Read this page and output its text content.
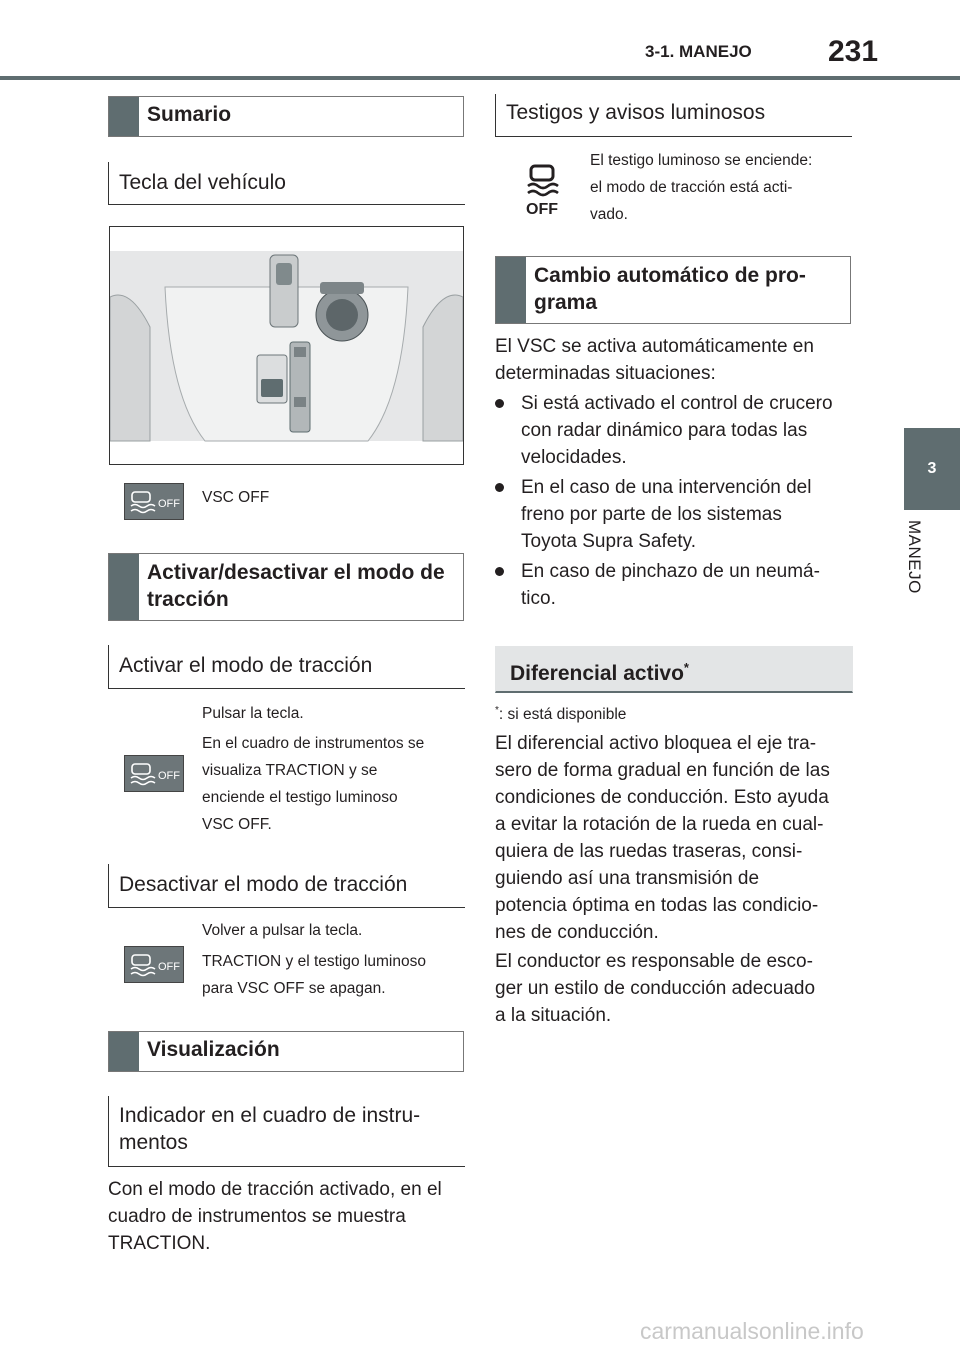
3-1. MANEJO	231
3
MANEJO
Sumario
Tecla del vehículo
OFF VSC OFF
Activar/desactivar el modo de tracción
Activar el modo de tracción
Pulsar la tecla.
OFF
En el cuadro de instrumentos se
visualiza TRACTION y se
enciende el testigo luminoso
VSC OFF.
Desactivar el modo de tracción
Volver a pulsar la tecla.
OFF TRACTION y el testigo luminoso
para VSC OFF se apagan.
Visualización
Indicador en el cuadro de instru-
mentos
Con el modo de tracción activado, en el
cuadro de instrumentos se muestra
TRACTION.
Testigos y avisos luminosos
OFF
El testigo luminoso se enciende:
el modo de tracción está acti-
vado.
Cambio automático de pro-
grama
El VSC se activa automáticamente en
determinadas situaciones:
Si está activado el control de crucero
con radar dinámico para todas las
velocidades.
En el caso de una intervención del
freno por parte de los sistemas
Toyota Supra Safety.
En caso de pinchazo de un neumá-
tico.
Diferencial activo*
*: si está disponible
El diferencial activo bloquea el eje tra-
sero de forma gradual en función de las
condiciones de conducción. Esto ayuda
a evitar la rotación de la rueda en cual-
quiera de las ruedas traseras, consi-
guiendo así una transmisión de
potencia óptima en todas las condicio-
nes de conducción.
El conductor es responsable de esco-
ger un estilo de conducción adecuado
a la situación.
carmanualsonline.info
